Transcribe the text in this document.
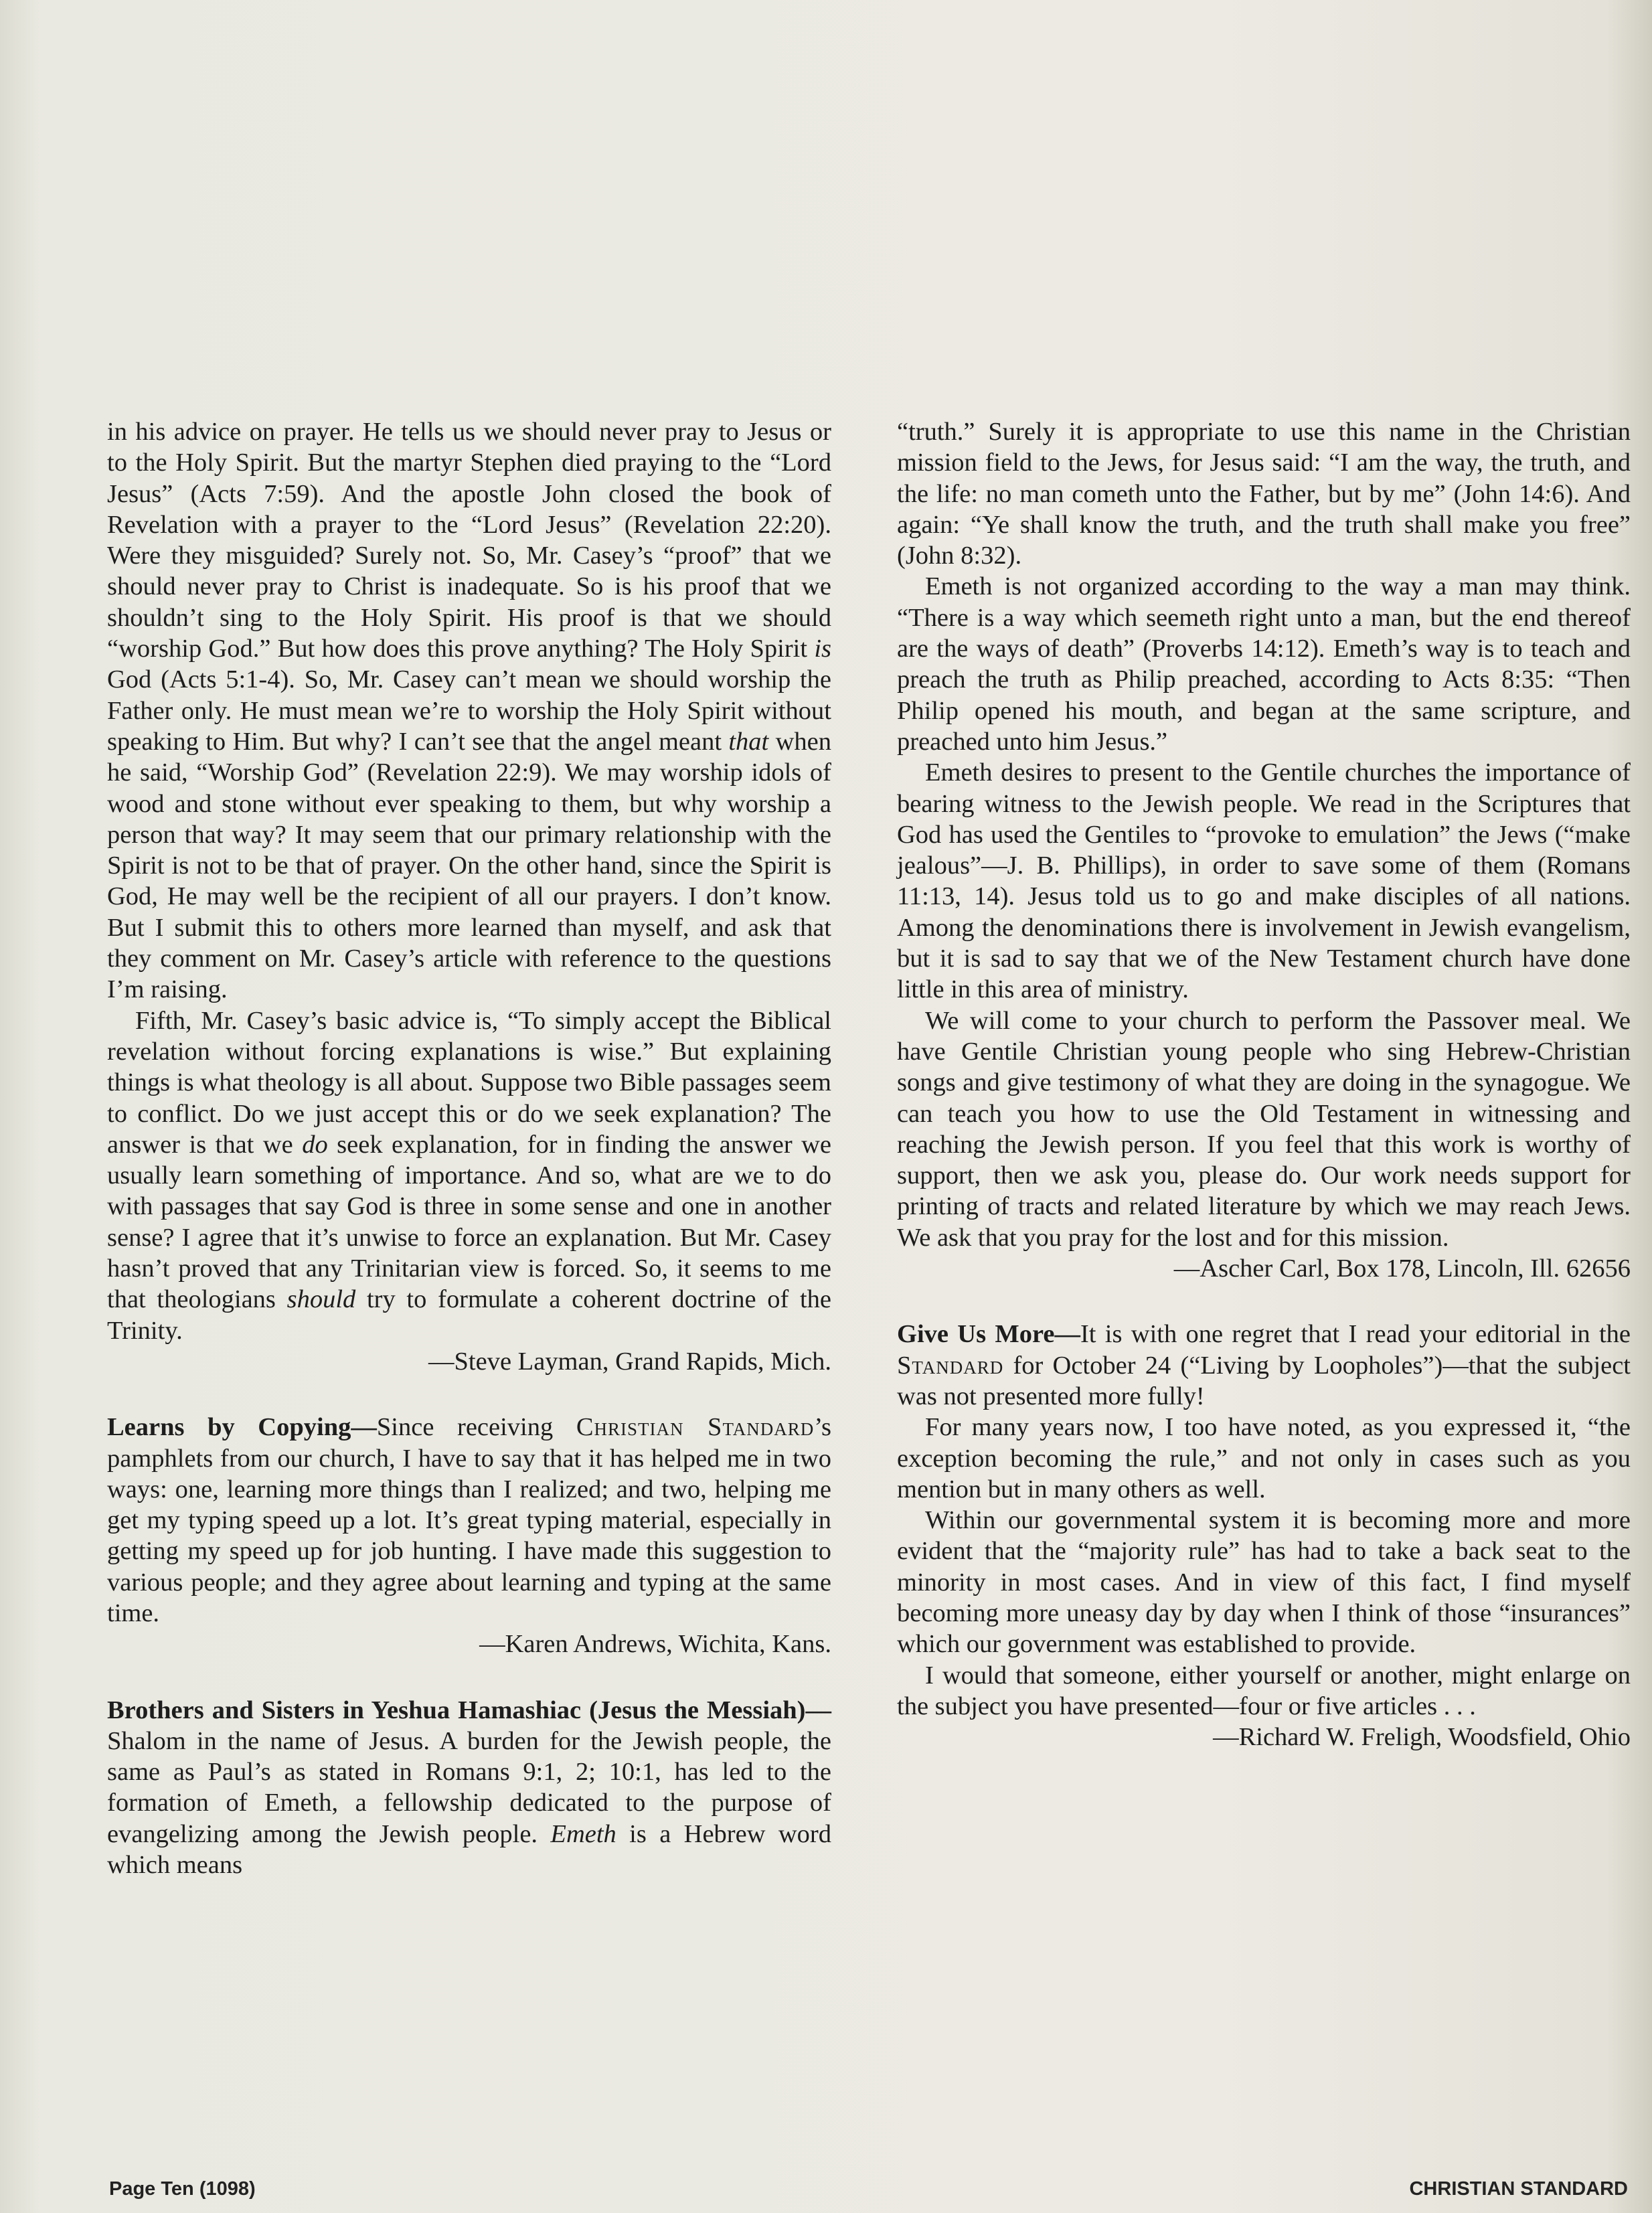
in his advice on prayer. He tells us we should never pray to Jesus or to the Holy Spirit. But the martyr Stephen died praying to the “Lord Jesus” (Acts 7:59). And the apostle John closed the book of Revelation with a prayer to the “Lord Jesus” (Revelation 22:20). Were they misguided? Surely not. So, Mr. Casey’s “proof” that we should never pray to Christ is inadequate. So is his proof that we shouldn’t sing to the Holy Spirit. His proof is that we should “worship God.” But how does this prove anything? The Holy Spirit is God (Acts 5:1-4). So, Mr. Casey can’t mean we should worship the Father only. He must mean we’re to worship the Holy Spirit without speaking to Him. But why? I can’t see that the angel meant that when he said, “Worship God” (Revelation 22:9). We may worship idols of wood and stone without ever speaking to them, but why worship a person that way? It may seem that our primary relationship with the Spirit is not to be that of prayer. On the other hand, since the Spirit is God, He may well be the recipient of all our prayers. I don’t know. But I submit this to others more learned than myself, and ask that they comment on Mr. Casey’s article with reference to the questions I’m raising.

Fifth, Mr. Casey’s basic advice is, “To simply accept the Biblical revelation without forcing explanations is wise.” But explaining things is what theology is all about. Suppose two Bible passages seem to conflict. Do we just accept this or do we seek explanation? The answer is that we do seek explanation, for in finding the answer we usually learn something of importance. And so, what are we to do with passages that say God is three in some sense and one in another sense? I agree that it’s unwise to force an explanation. But Mr. Casey hasn’t proved that any Trinitarian view is forced. So, it seems to me that theologians should try to formulate a coherent doctrine of the Trinity.

—Steve Layman, Grand Rapids, Mich.

Learns by Copying—Since receiving Christian Standard’s pamphlets from our church, I have to say that it has helped me in two ways: one, learning more things than I realized; and two, helping me get my typing speed up a lot. It’s great typing material, especially in getting my speed up for job hunting. I have made this suggestion to various people; and they agree about learning and typing at the same time.

—Karen Andrews, Wichita, Kans.

Brothers and Sisters in Yeshua Hamashiac (Jesus the Messiah)—Shalom in the name of Jesus. A burden for the Jewish people, the same as Paul’s as stated in Romans 9:1, 2; 10:1, has led to the formation of Emeth, a fellowship dedicated to the purpose of evangelizing among the Jewish people. Emeth is a Hebrew word which means

“truth.” Surely it is appropriate to use this name in the Christian mission field to the Jews, for Jesus said: “I am the way, the truth, and the life: no man cometh unto the Father, but by me” (John 14:6). And again: “Ye shall know the truth, and the truth shall make you free” (John 8:32).

Emeth is not organized according to the way a man may think. “There is a way which seemeth right unto a man, but the end thereof are the ways of death” (Proverbs 14:12). Emeth’s way is to teach and preach the truth as Philip preached, according to Acts 8:35: “Then Philip opened his mouth, and began at the same scripture, and preached unto him Jesus.”

Emeth desires to present to the Gentile churches the importance of bearing witness to the Jewish people. We read in the Scriptures that God has used the Gentiles to “provoke to emulation” the Jews (“make jealous”—J. B. Phillips), in order to save some of them (Romans 11:13, 14). Jesus told us to go and make disciples of all nations. Among the denominations there is involvement in Jewish evangelism, but it is sad to say that we of the New Testament church have done little in this area of ministry.

We will come to your church to perform the Passover meal. We have Gentile Christian young people who sing Hebrew-Christian songs and give testimony of what they are doing in the synagogue. We can teach you how to use the Old Testament in witnessing and reaching the Jewish person. If you feel that this work is worthy of support, then we ask you, please do. Our work needs support for printing of tracts and related literature by which we may reach Jews. We ask that you pray for the lost and for this mission.

—Ascher Carl, Box 178, Lincoln, Ill. 62656

Give Us More—It is with one regret that I read your editorial in the Standard for October 24 (“Living by Loopholes”)—that the subject was not presented more fully!

For many years now, I too have noted, as you expressed it, “the exception becoming the rule,” and not only in cases such as you mention but in many others as well.

Within our governmental system it is becoming more and more evident that the “majority rule” has had to take a back seat to the minority in most cases. And in view of this fact, I find myself becoming more uneasy day by day when I think of those “insurances” which our government was established to provide.

I would that someone, either yourself or another, might enlarge on the subject you have presented—four or five articles . . .

—Richard W. Freligh, Woodsfield, Ohio

Page Ten (1098)	CHRISTIAN STANDARD
